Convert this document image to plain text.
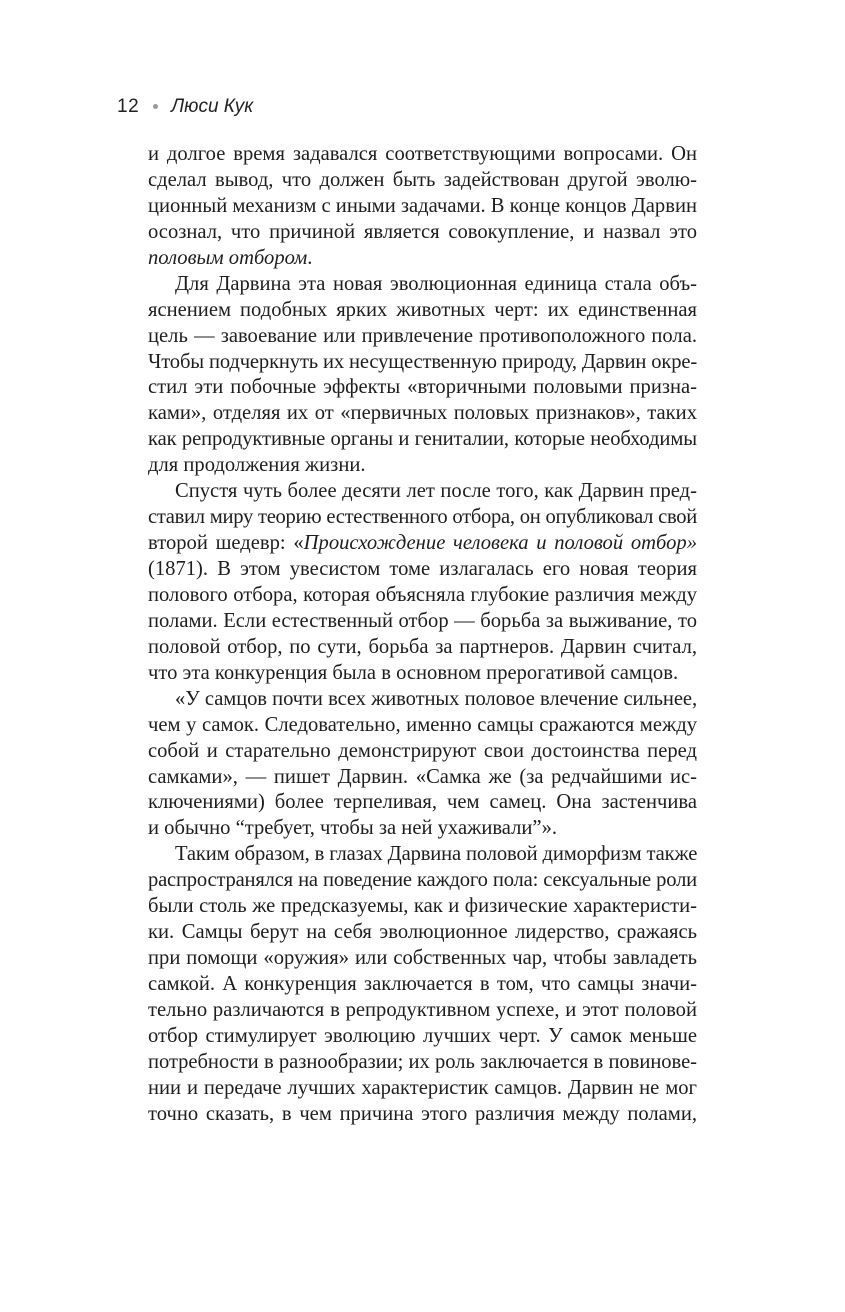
12 Люси Кук
и долгое время задавался соответствующими вопросами. Он
сделал вывод, что должен быть задействован другой эволю-
ционный механизм с иными задачами. В конце концов Дарвин
осознал, что причиной является совокупление, и назвал это
половым отбором.
Для Дарвина эта новая эволюционная единица стала объ-
яснением подобных ярких животных черт: их единственная
цель — завоевание или привлечение противоположного пола.
Чтобы подчеркнуть их несущественную природу, Дарвин окре-
стил эти побочные эффекты «вторичными половыми призна-
ками», отделяя их от «первичных половых признаков», таких
как репродуктивные органы и гениталии, которые необходимы
для продолжения жизни.
Спустя чуть более десяти лет после того, как Дарвин пред-
ставил миру теорию естественного отбора, он опубликовал свой
второй шедевр: «Происхождение человека и половой отбор»
(1871). В этом увесистом томе излагалась его новая теория
полового отбора, которая объясняла глубокие различия между
полами. Если естественный отбор — борьба за выживание, то
половой отбор, по сути, борьба за партнеров. Дарвин считал,
что эта конкуренция была в основном прерогативой самцов.
«У самцов почти всех животных половое влечение сильнее,
чем у самок. Следовательно, именно самцы сражаются между
собой и старательно демонстрируют свои достоинства перед
самками», — пишет Дарвин. «Самка же (за редчайшими ис-
ключениями) более терпеливая, чем самец. Она застенчива
и обычно “требует, чтобы за ней ухаживали”».
Таким образом, в глазах Дарвина половой диморфизм также
распространялся на поведение каждого пола: сексуальные роли
были столь же предсказуемы, как и физические характеристи-
ки. Самцы берут на себя эволюционное лидерство, сражаясь
при помощи «оружия» или собственных чар, чтобы завладеть
самкой. А конкуренция заключается в том, что самцы значи-
тельно различаются в репродуктивном успехе, и этот половой
отбор стимулирует эволюцию лучших черт. У самок меньше
потребности в разнообразии; их роль заключается в повинове-
нии и передаче лучших характеристик самцов. Дарвин не мог
точно сказать, в чем причина этого различия между полами,
